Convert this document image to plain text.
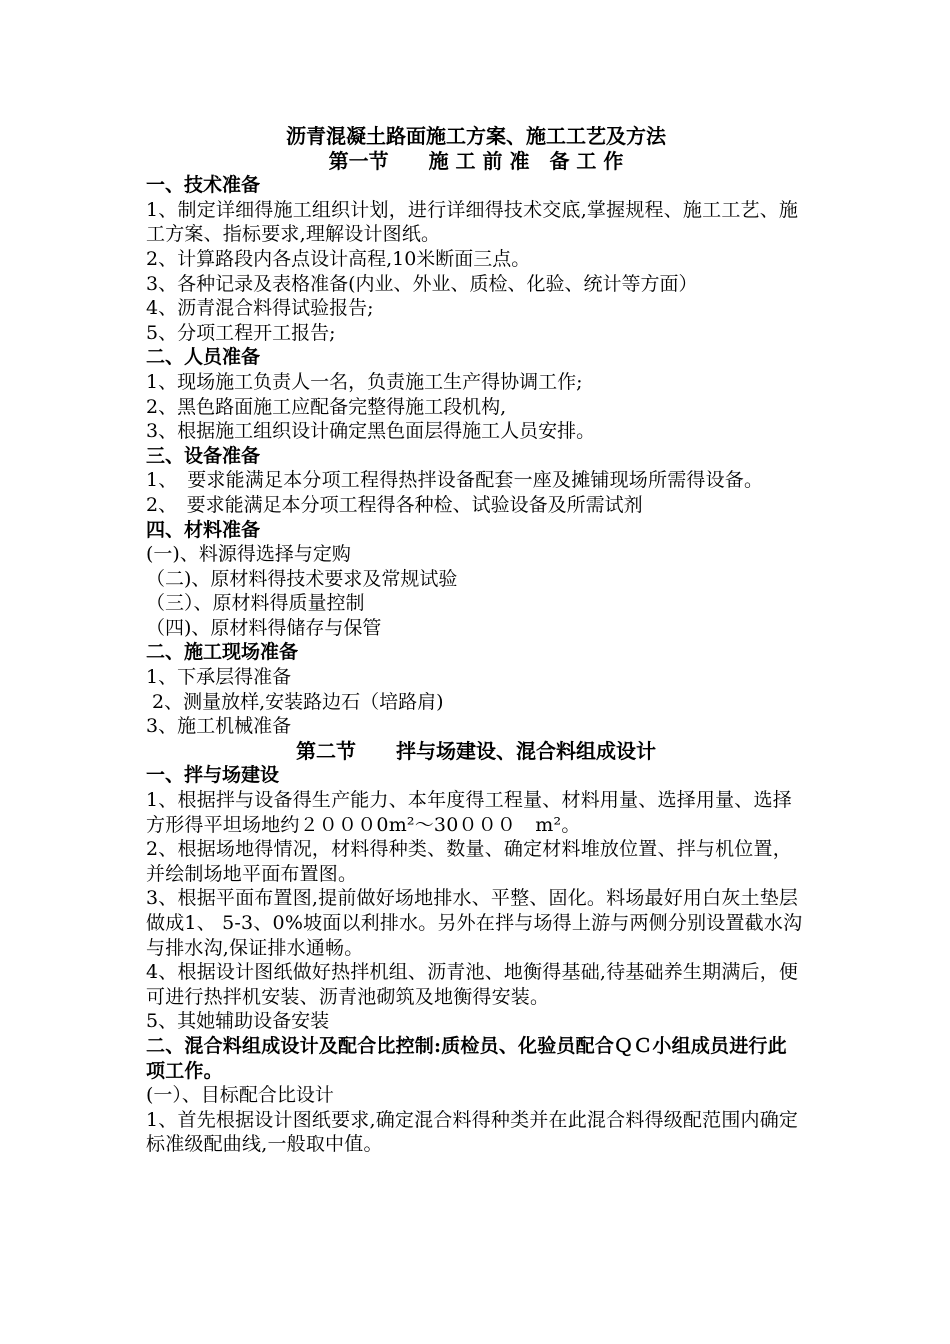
沥青混凝土路面施工方案、施工工艺及方法
第一节　　施 工 前 准　备 工 作
一、技术准备
1、制定详细得施工组织计划，进行详细得技术交底,掌握规程、施工工艺、施工方案、指标要求,理解设计图纸。
2、计算路段内各点设计高程,10米断面三点。
3、各种记录及表格准备(内业、外业、质检、化验、统计等方面）
4、沥青混合料得试验报告;
5、分项工程开工报告;
二、人员准备
1、现场施工负责人一名，负责施工生产得协调工作;
2、黑色路面施工应配备完整得施工段机构,
3、根据施工组织设计确定黑色面层得施工人员安排。
三、设备准备
1、　要求能满足本分项工程得热拌设备配套一座及摊铺现场所需得设备。
2、　要求能满足本分项工程得各种检、试验设备及所需试剂
四、材料准备
(一)、料源得选择与定购
（二)、原材料得技术要求及常规试验
（三）、原材料得质量控制
（四)、原材料得储存与保管
二、施工现场准备
1、下承层得准备
2、测量放样,安装路边石（培路肩)
3、施工机械准备
第二节　　拌与场建设、混合料组成设计
一、拌与场建设
1、根据拌与设备得生产能力、本年度得工程量、材料用量、选择用量、选择方形得平坦场地约２０００0m²～30０００　m²。
2、根据场地得情况，材料得种类、数量、确定材料堆放位置、拌与机位置，并绘制场地平面布置图。
3、根据平面布置图,提前做好场地排水、平整、固化。料场最好用白灰土垫层做成1、 5-3、0%坡面以利排水。另外在拌与场得上游与两侧分别设置截水沟与排水沟,保证排水通畅。
4、根据设计图纸做好热拌机组、沥青池、地衡得基础,待基础养生期满后，便可进行热拌机安装、沥青池砌筑及地衡得安装。
5、其她辅助设备安装
二、混合料组成设计及配合比控制:质检员、化验员配合ＱＣ小组成员进行此项工作。
(一）、目标配合比设计
1、首先根据设计图纸要求,确定混合料得种类并在此混合料得级配范围内确定标准级配曲线,一般取中值。
